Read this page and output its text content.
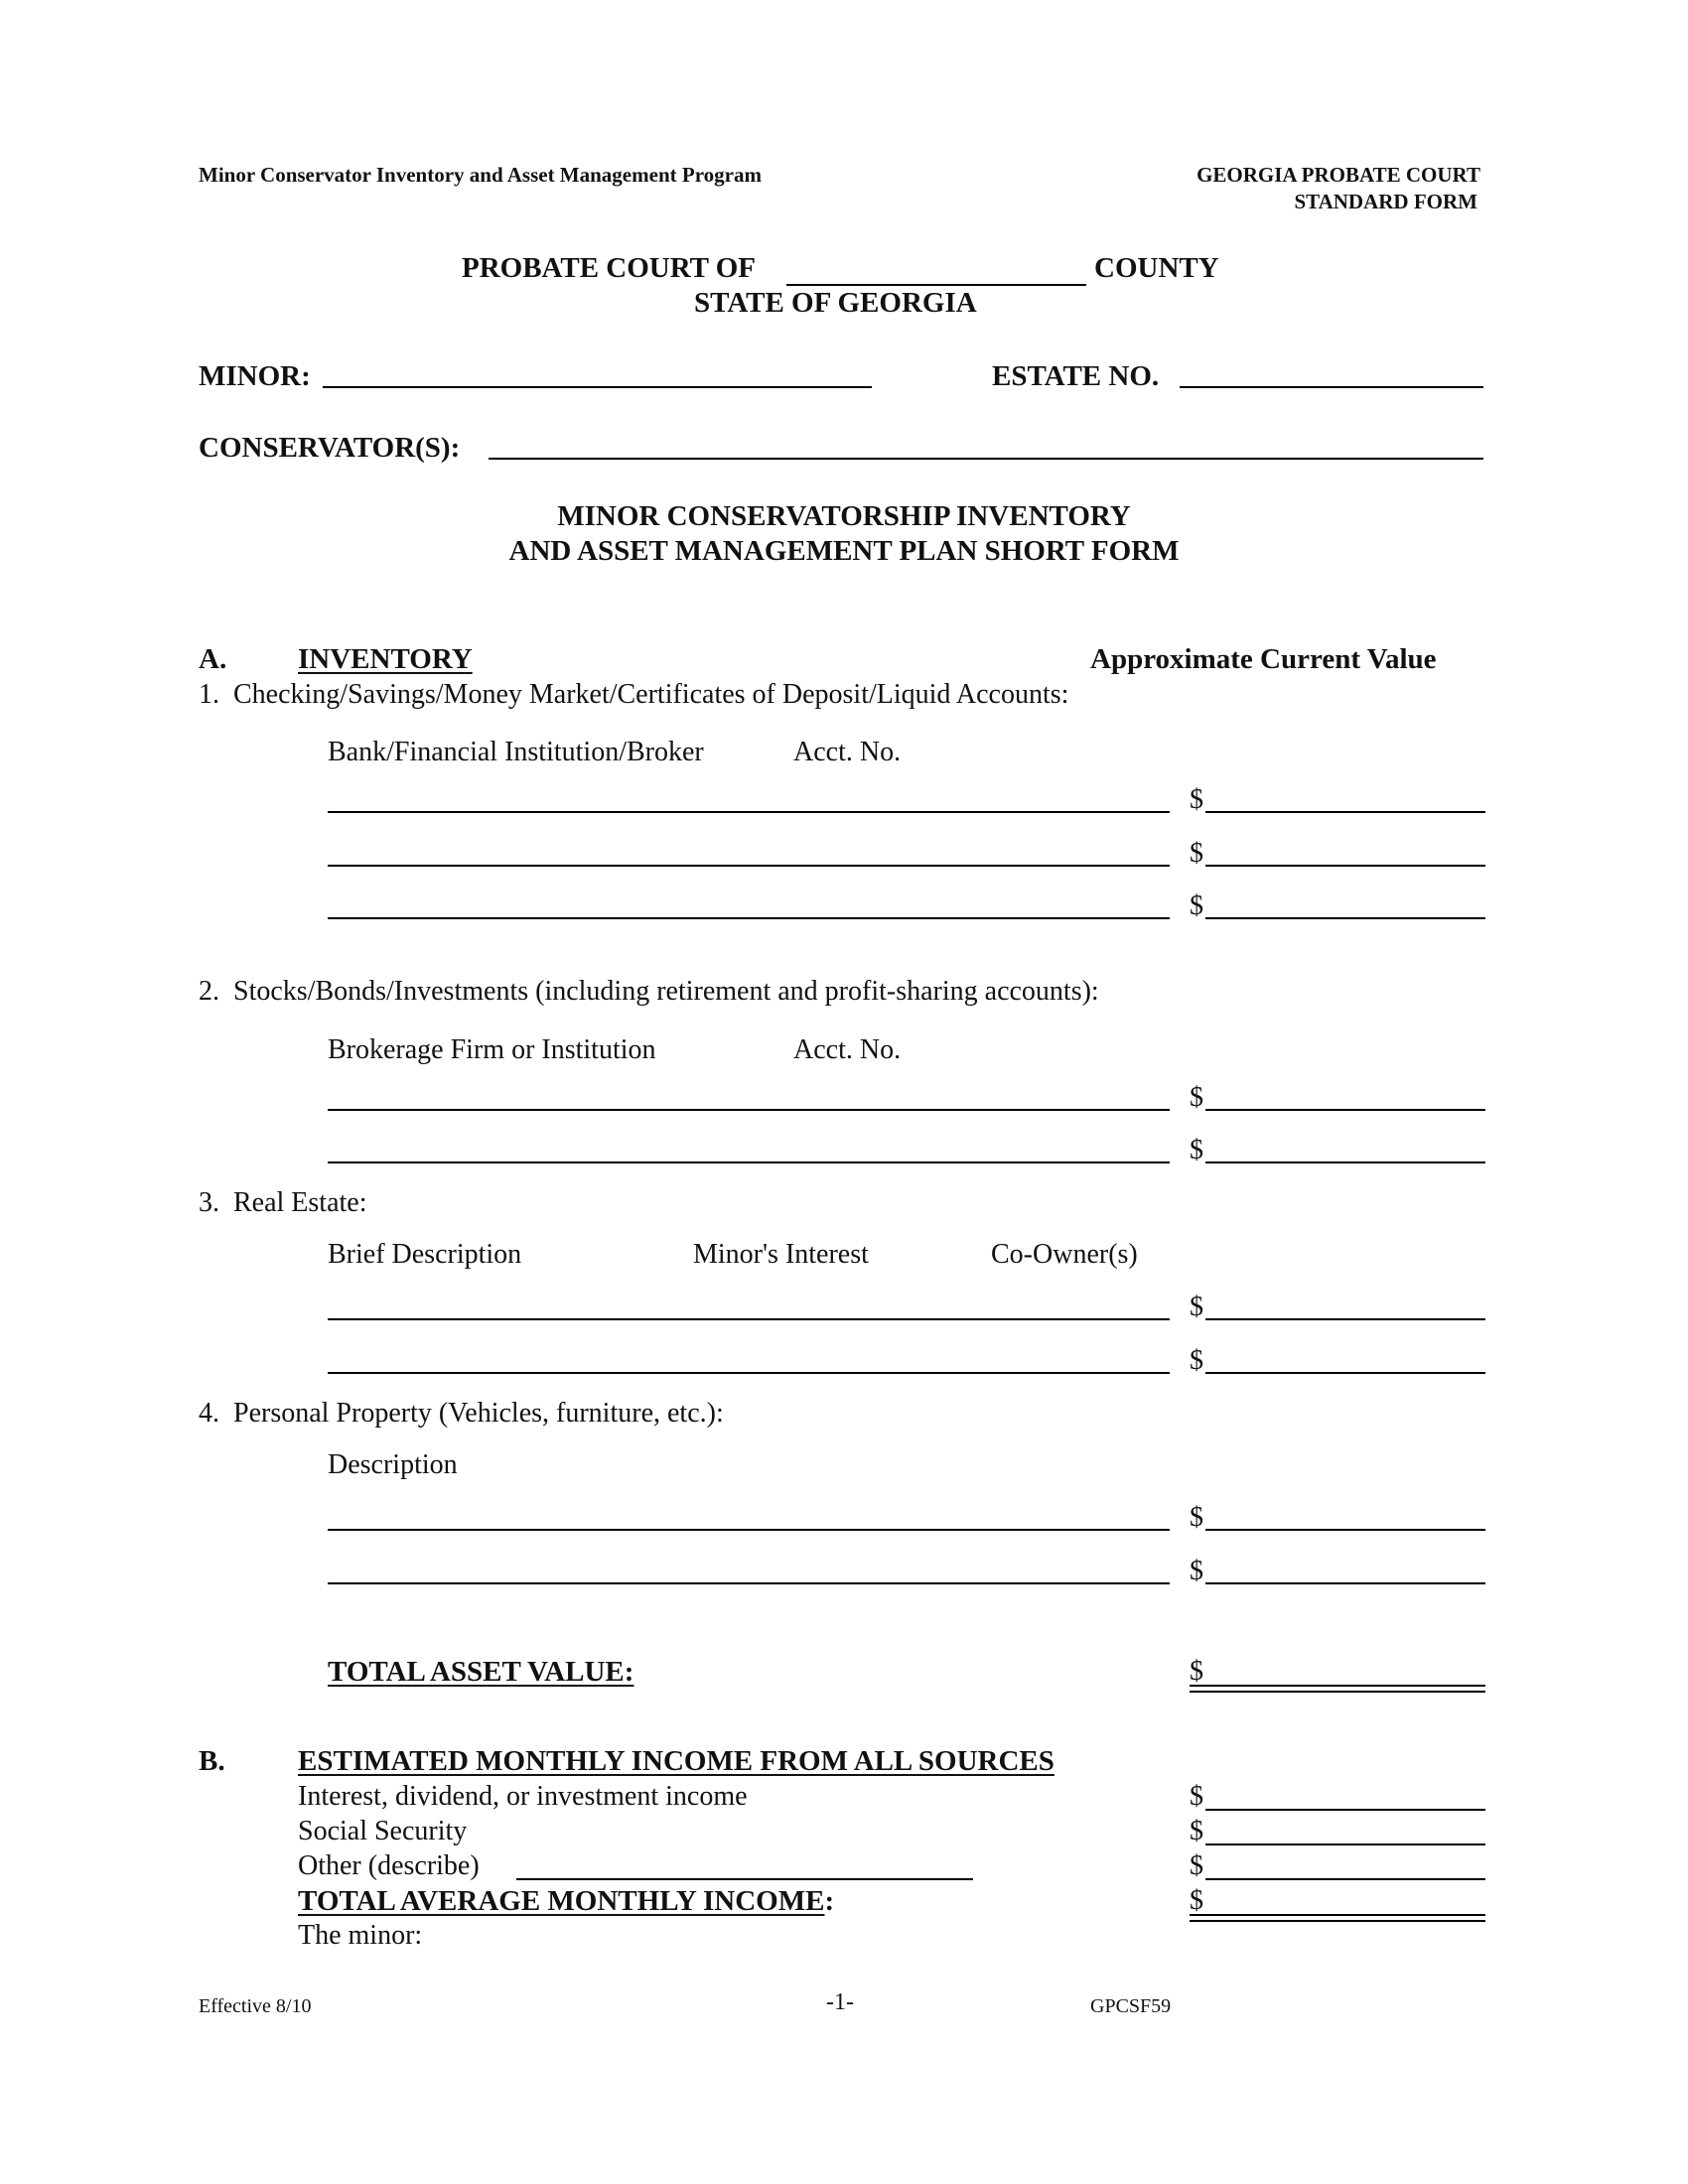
Minor Conservator Inventory and Asset Management Program	GEORGIA PROBATE COURT
STANDARD FORM
PROBATE COURT OF	COUNTY
STATE OF GEORGIA
MINOR:	ESTATE NO.
CONSERVATOR(S):
MINOR CONSERVATORSHIP INVENTORY
AND ASSET MANAGEMENT PLAN SHORT FORM
A. INVENTORY	Approximate Current Value
1.  Checking/Savings/Money Market/Certificates of Deposit/Liquid Accounts:
Bank/Financial Institution/Broker	Acct. No.
$
$
$
2.  Stocks/Bonds/Investments (including retirement and profit-sharing accounts):
Brokerage Firm or Institution	Acct. No.
$
$
3.  Real Estate:
Brief Description	Minor's Interest	Co-Owner(s)
$
$
4.  Personal Property (Vehicles, furniture, etc.):
Description
$
$
TOTAL ASSET VALUE:	$
B.	ESTIMATED MONTHLY INCOME FROM ALL SOURCES
Interest, dividend, or investment income	$
Social Security	$
Other (describe)	$
TOTAL AVERAGE MONTHLY INCOME:	$
The minor:
Effective 8/10	-1-	GPCSF59
